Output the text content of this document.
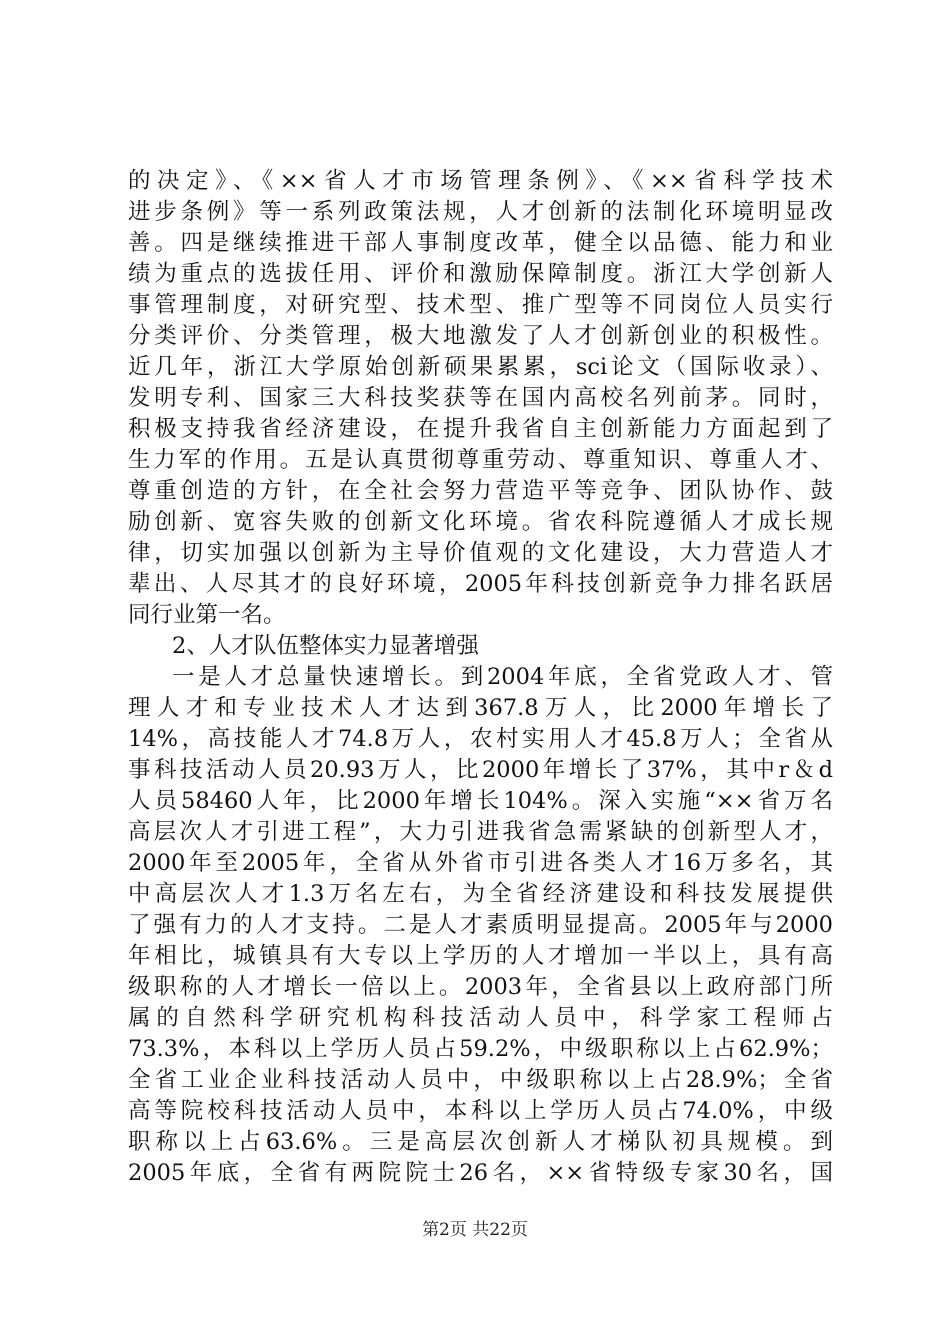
的决定》、《××省人才市场管理条例》、《××省科学技术
进步条例》等一系列政策法规，人才创新的法制化环境明显改
善。四是继续推进干部人事制度改革，健全以品德、能力和业
绩为重点的选拔任用、评价和激励保障制度。浙江大学创新人
事管理制度，对研究型、技术型、推广型等不同岗位人员实行
分类评价、分类管理，极大地激发了人才创新创业的积极性。
近几年，浙江大学原始创新硕果累累，sci论文（国际收录）、
发明专利、国家三大科技奖获等在国内高校名列前茅。同时，
积极支持我省经济建设，在提升我省自主创新能力方面起到了
生力军的作用。五是认真贯彻尊重劳动、尊重知识、尊重人才、
尊重创造的方针，在全社会努力营造平等竞争、团队协作、鼓
励创新、宽容失败的创新文化环境。省农科院遵循人才成长规
律，切实加强以创新为主导价值观的文化建设，大力营造人才
辈出、人尽其才的良好环境，2005年科技创新竞争力排名跃居
同行业第一名。
2、人才队伍整体实力显著增强
一是人才总量快速增长。到2004年底，全省党政人才、管
理人才和专业技术人才达到367.8万人，比2000年增长了
14%，高技能人才74.8万人，农村实用人才45.8万人；全省从
事科技活动人员20.93万人，比2000年增长了37%，其中r＆d
人员58460人年，比2000年增长104%。深入实施“××省万名
高层次人才引进工程”，大力引进我省急需紧缺的创新型人才，
2000年至2005年，全省从外省市引进各类人才16万多名，其
中高层次人才1.3万名左右，为全省经济建设和科技发展提供
了强有力的人才支持。二是人才素质明显提高。2005年与2000
年相比，城镇具有大专以上学历的人才增加一半以上，具有高
级职称的人才增长一倍以上。2003年，全省县以上政府部门所
属的自然科学研究机构科技活动人员中，科学家工程师占
73.3%，本科以上学历人员占59.2%，中级职称以上占62.9%；
全省工业企业科技活动人员中，中级职称以上占28.9%；全省
高等院校科技活动人员中，本科以上学历人员占74.0%，中级
职称以上占63.6%。三是高层次创新人才梯队初具规模。到
2005年底，全省有两院院士26名，××省特级专家30名，国
第2页 共22页
